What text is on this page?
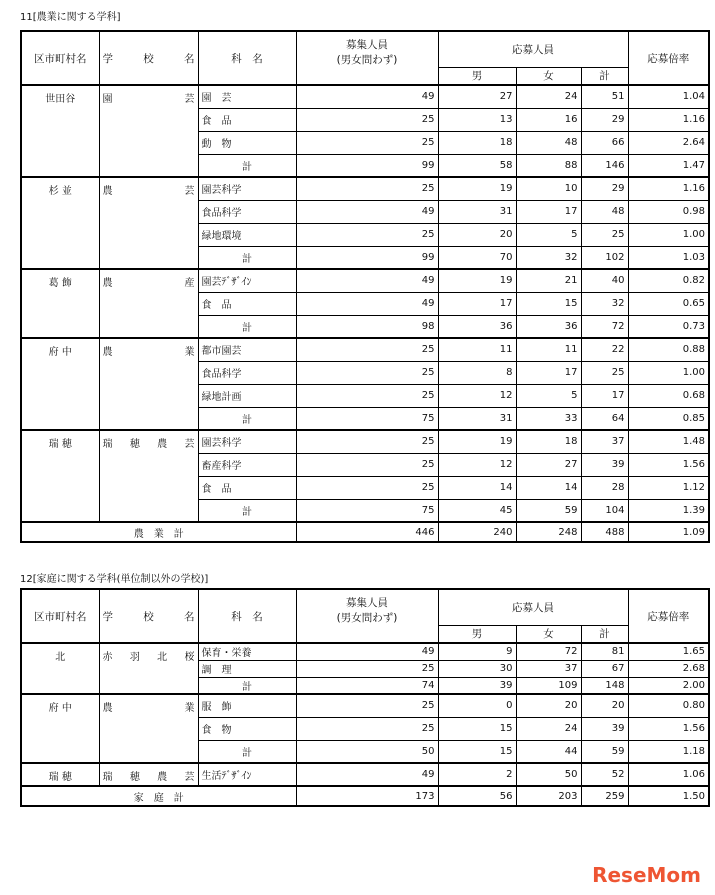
11[農業に関する学科]
区市町村名	学　　校　　名	科　名	募集人員
(男女問わず)	応募人員			応募倍率
				男	女	計	
世田谷	園芸	園　芸	49	27	24	51	1.04
		食　品	25	13	16	29	1.16
		動　物	25	18	48	66	2.64
		計	99	58	88	146	1.47
杉 並	農芸	園芸科学	25	19	10	29	1.16
		食品科学	49	31	17	48	0.98
		緑地環境	25	20	5	25	1.00
		計	99	70	32	102	1.03
葛 飾	農産	園芸ﾃﾞｻﾞｲﾝ	49	19	21	40	0.82
		食　品	49	17	15	32	0.65
		計	98	36	36	72	0.73
府 中	農業	都市園芸	25	11	11	22	0.88
		食品科学	25	8	17	25	1.00
		緑地計画	25	12	5	17	0.68
		計	75	31	33	64	0.85
瑞 穂	瑞穂農芸	園芸科学	25	19	18	37	1.48
		畜産科学	25	12	27	39	1.56
		食　品	25	14	14	28	1.12
		計	75	45	59	104	1.39
農　業　計			446	240	248	488	1.09
12[家庭に関する学科(単位制以外の学校)]
区市町村名	学　　校　　名	科　名	募集人員
(男女問わず)	応募人員			応募倍率
				男	女	計	
北	赤羽北桜	保育・栄養	49	9	72	81	1.65
		調　理	25	30	37	67	2.68
		計	74	39	109	148	2.00
府 中	農業	服　飾	25	0	20	20	0.80
		食　物	25	15	24	39	1.56
		計	50	15	44	59	1.18
瑞 穂	瑞穂農芸	生活ﾃﾞｻﾞｲﾝ	49	2	50	52	1.06
家　庭　計			173	56	203	259	1.50
ReseMom
